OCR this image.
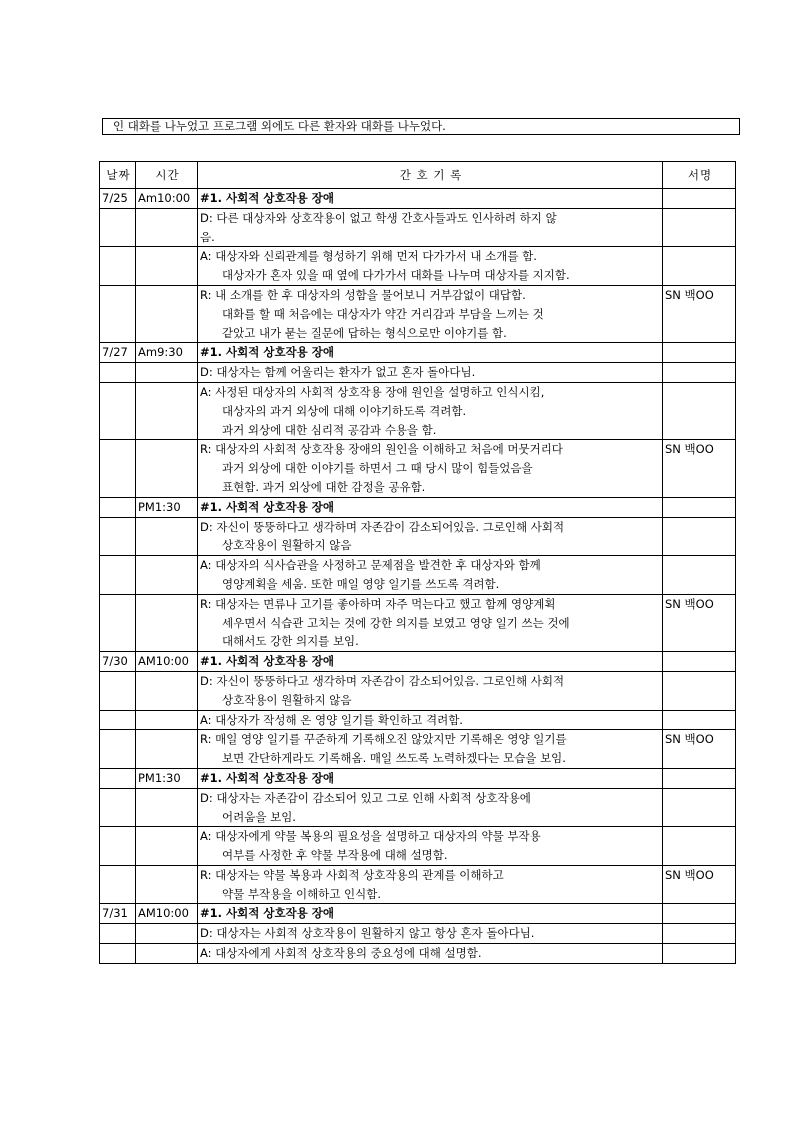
인 대화를 나누었고 프로그램 외에도 다른 환자와 대화를 나누었다.
날짜	시간	간 호 기 록	서명
7/25	Am10:00	#1. 사회적 상호작용 장애	

		D: 다른 대상자와 상호작용이 없고 학생 간호사들과도 인사하려 하지 않
음.	

		A: 대상자와 신뢰관계를 형성하기 위해 먼저 다가가서 내 소개를 함.
대상자가 혼자 있을 때 옆에 다가가서 대화를 나누며 대상자를 지지함.	

		R: 내 소개를 한 후 대상자의 성함을 물어보니 거부감없이 대답함.
대화를 할 때 처음에는 대상자가 약간 거리감과 부담을 느끼는 것
같았고 내가 묻는 질문에 답하는 형식으로만 이야기를 함.	SN 백OO
7/27	Am9:30	#1. 사회적 상호작용 장애	

		D: 대상자는 함께 어울리는 환자가 없고 혼자 돌아다님.	

		A: 사정된 대상자의 사회적 상호작용 장애 원인을 설명하고 인식시킴,
대상자의 과거 외상에 대해 이야기하도록 격려함.
과거 외상에 대한 심리적 공감과 수용을 함.	

		R: 대상자의 사회적 상호작용 장애의 원인을 이해하고 처음에 머뭇거리다
과거 외상에 대한 이야기를 하면서 그 때 당시 많이 힘들었음을
표현함. 과거 외상에 대한 감정을 공유함.	SN 백OO
	PM1:30	#1. 사회적 상호작용 장애	

		D: 자신이 뚱뚱하다고 생각하며 자존감이 감소되어있음. 그로인해 사회적
상호작용이 원활하지 않음	

		A: 대상자의 식사습관을 사정하고 문제점을 발견한 후 대상자와 함께
영양계획을 세움. 또한 매일 영양 일기를 쓰도록 격려함.	

		R: 대상자는 면류나 고기를 좋아하며 자주 먹는다고 했고 함께 영양계획
세우면서 식습관 고치는 것에 강한 의지를 보였고 영양 일기 쓰는 것에
대해서도 강한 의지를 보임.	SN 백OO
7/30	AM10:00	#1. 사회적 상호작용 장애	

		D: 자신이 뚱뚱하다고 생각하며 자존감이 감소되어있음. 그로인해 사회적
상호작용이 원활하지 않음	

		A: 대상자가 작성해 온 영양 일기를 확인하고 격려함.	

		R: 매일 영양 일기를 꾸준하게 기록해오진 않았지만 기록해온 영양 일기를
보면 간단하게라도 기록해옴. 매일 쓰도록 노력하겠다는 모습을 보임.	SN 백OO
	PM1:30	#1. 사회적 상호작용 장애	

		D: 대상자는 자존감이 감소되어 있고 그로 인해 사회적 상호작용에
어려움을 보임.	

		A: 대상자에게 약물 복용의 필요성을 설명하고 대상자의 약물 부작용
여부를 사정한 후 약물 부작용에 대해 설명함.	

		R: 대상자는 약물 복용과 사회적 상호작용의 관계를 이해하고
약물 부작용을 이해하고 인식함.	SN 백OO
7/31	AM10:00	#1. 사회적 상호작용 장애	

		D: 대상자는 사회적 상호작용이 원활하지 않고 항상 혼자 돌아다님.	

		A: 대상자에게 사회적 상호작용의 중요성에 대해 설명함.	
